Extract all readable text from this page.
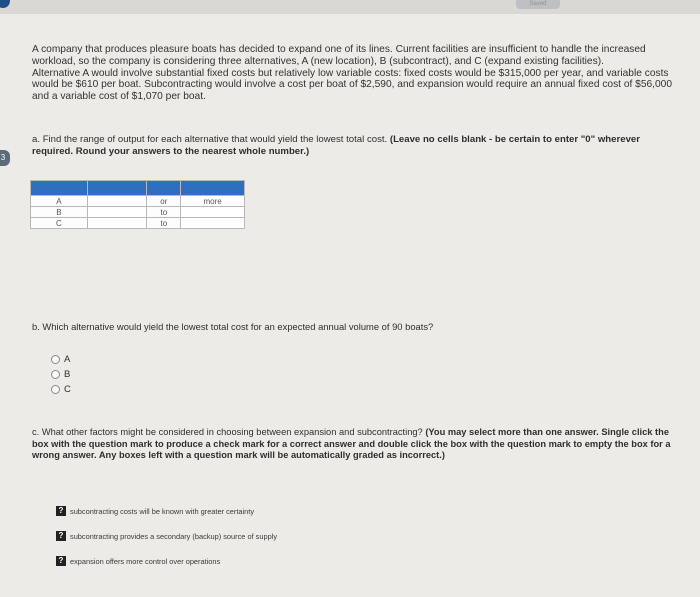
Saved
3

A company that produces pleasure boats has decided to expand one of its lines. Current facilities are insufficient to handle the increased workload, so the company is considering three alternatives, A (new location), B (subcontract), and C (expand existing facilities).

Alternative A would involve substantial fixed costs but relatively low variable costs: fixed costs would be $315,000 per year, and variable costs would be $610 per boat. Subcontracting would involve a cost per boat of $2,590, and expansion would require an annual fixed cost of $56,000 and a variable cost of $1,070 per boat.

a. Find the range of output for each alternative that would yield the lowest total cost. (Leave no cells blank - be certain to enter "0" wherever required. Round your answers to the nearest whole number.)

A		or	more
B		to	
C		to	
b. Which alternative would yield the lowest total cost for an expected annual volume of 90 boats?
A
B
C
c. What other factors might be considered in choosing between expansion and subcontracting? (You may select more than one answer. Single click the box with the question mark to produce a check mark for a correct answer and double click the box with the question mark to empty the box for a wrong answer. Any boxes left with a question mark will be automatically graded as incorrect.)
? subcontracting costs will be known with greater certainty
? subcontracting provides a secondary (backup) source of supply
? expansion offers more control over operations
